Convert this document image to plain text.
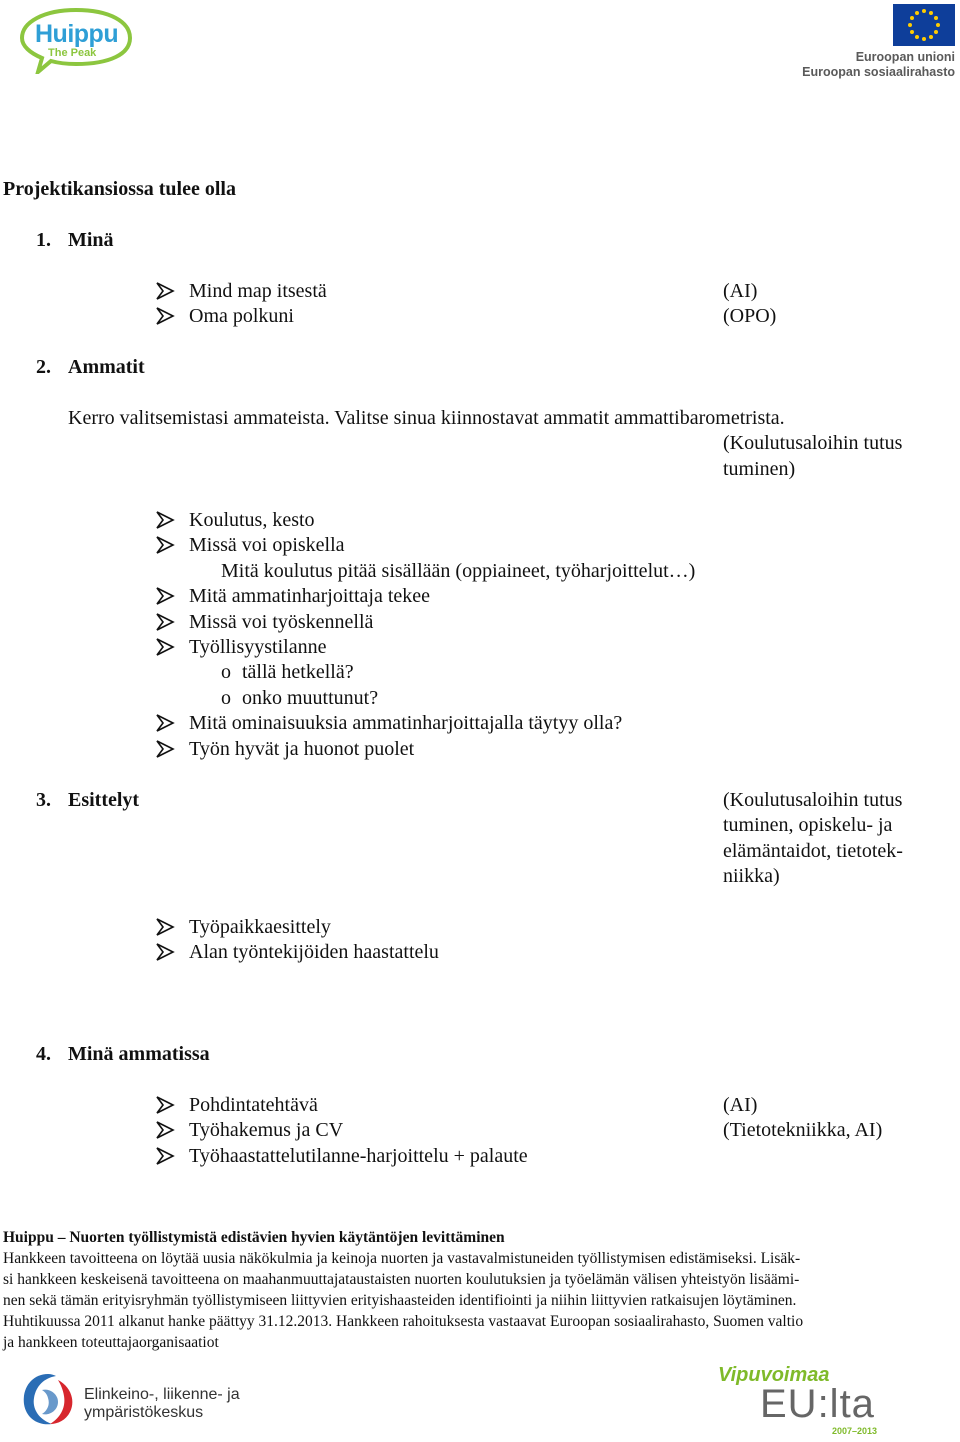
Huippu
The Peak	Euroopan unioni
Euroopan sosiaalirahasto
Projektikansiossa tulee olla
1. Minä
Mind map itsestä	(AI)
Oma polkuni	(OPO)
2. Ammatit
Kerro valitsemistasi ammateista. Valitse sinua kiinnostavat ammatit ammattibarometrista.
(Koulutusaloihin tutus
tuminen)
Koulutus, kesto
Missä voi opiskella
Mitä koulutus pitää sisällään (oppiaineet, työharjoittelut…)
Mitä ammatinharjoittaja tekee
Missä voi työskennellä
Työllisyystilanne
o tällä hetkellä?
o onko muuttunut?
Mitä ominaisuuksia ammatinharjoittajalla täytyy olla?
Työn hyvät ja huonot puolet
3. Esittelyt	(Koulutusaloihin tutus
tuminen, opiskelu- ja
elämäntaidot, tietotek-
niikka)
Työpaikkaesittely
Alan työntekijöiden haastattelu
4. Minä ammatissa
Pohdintatehtävä	(AI)
Työhakemus ja CV	(Tietotekniikka, AI)
Työhaastattelutilanne-harjoittelu + palaute
Huippu – Nuorten työllistymistä edistävien hyvien käytäntöjen levittäminen
Hankkeen tavoitteena on löytää uusia näkökulmia ja keinoja nuorten ja vastavalmistuneiden työllistymisen edistämiseksi. Lisäk-
si hankkeen keskeisenä tavoitteena on maahanmuuttajataustaisten nuorten koulutuksien ja työelämän välisen yhteistyön lisäämi-
nen sekä tämän erityisryhmän työllistymiseen liittyvien erityishaasteiden identifiointi ja niihin liittyvien ratkaisujen löytäminen.
Huhtikuussa 2011 alkanut hanke päättyy 31.12.2013. Hankkeen rahoituksesta vastaavat Euroopan sosiaalirahasto, Suomen valtio
ja hankkeen toteuttajaorganisaatiot
Elinkeino-, liikenne- ja
ympäristökeskus
Vipuvoimaa
EU:lta
2007–2013
